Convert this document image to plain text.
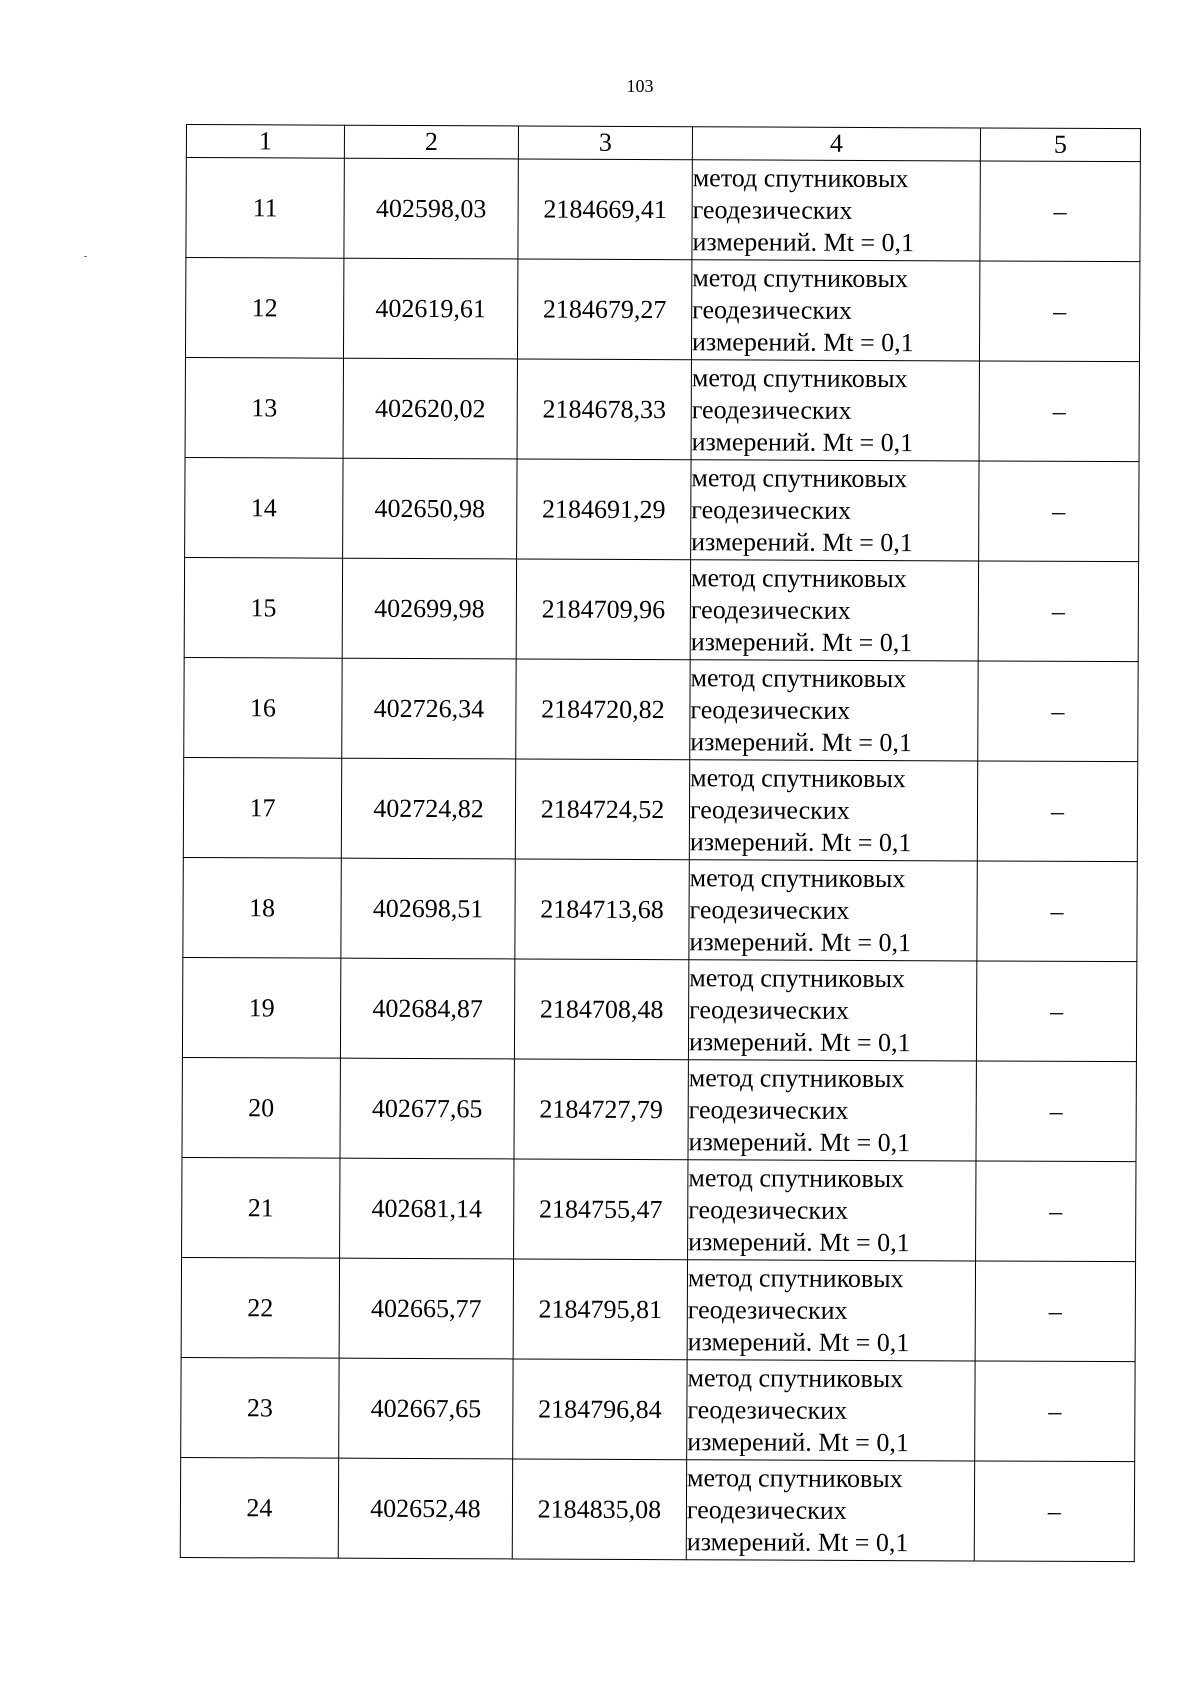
103
1	2	3	4	5
11	402598,03	2184669,41	метод спутниковых
геодезических
измерений. Mt = 0,1	–
12	402619,61	2184679,27	метод спутниковых
геодезических
измерений. Mt = 0,1	–
13	402620,02	2184678,33	метод спутниковых
геодезических
измерений. Mt = 0,1	–
14	402650,98	2184691,29	метод спутниковых
геодезических
измерений. Mt = 0,1	–
15	402699,98	2184709,96	метод спутниковых
геодезических
измерений. Mt = 0,1	–
16	402726,34	2184720,82	метод спутниковых
геодезических
измерений. Mt = 0,1	–
17	402724,82	2184724,52	метод спутниковых
геодезических
измерений. Mt = 0,1	–
18	402698,51	2184713,68	метод спутниковых
геодезических
измерений. Mt = 0,1	–
19	402684,87	2184708,48	метод спутниковых
геодезических
измерений. Mt = 0,1	–
20	402677,65	2184727,79	метод спутниковых
геодезических
измерений. Mt = 0,1	–
21	402681,14	2184755,47	метод спутниковых
геодезических
измерений. Mt = 0,1	–
22	402665,77	2184795,81	метод спутниковых
геодезических
измерений. Mt = 0,1	–
23	402667,65	2184796,84	метод спутниковых
геодезических
измерений. Mt = 0,1	–
24	402652,48	2184835,08	метод спутниковых
геодезических
измерений. Mt = 0,1	–
